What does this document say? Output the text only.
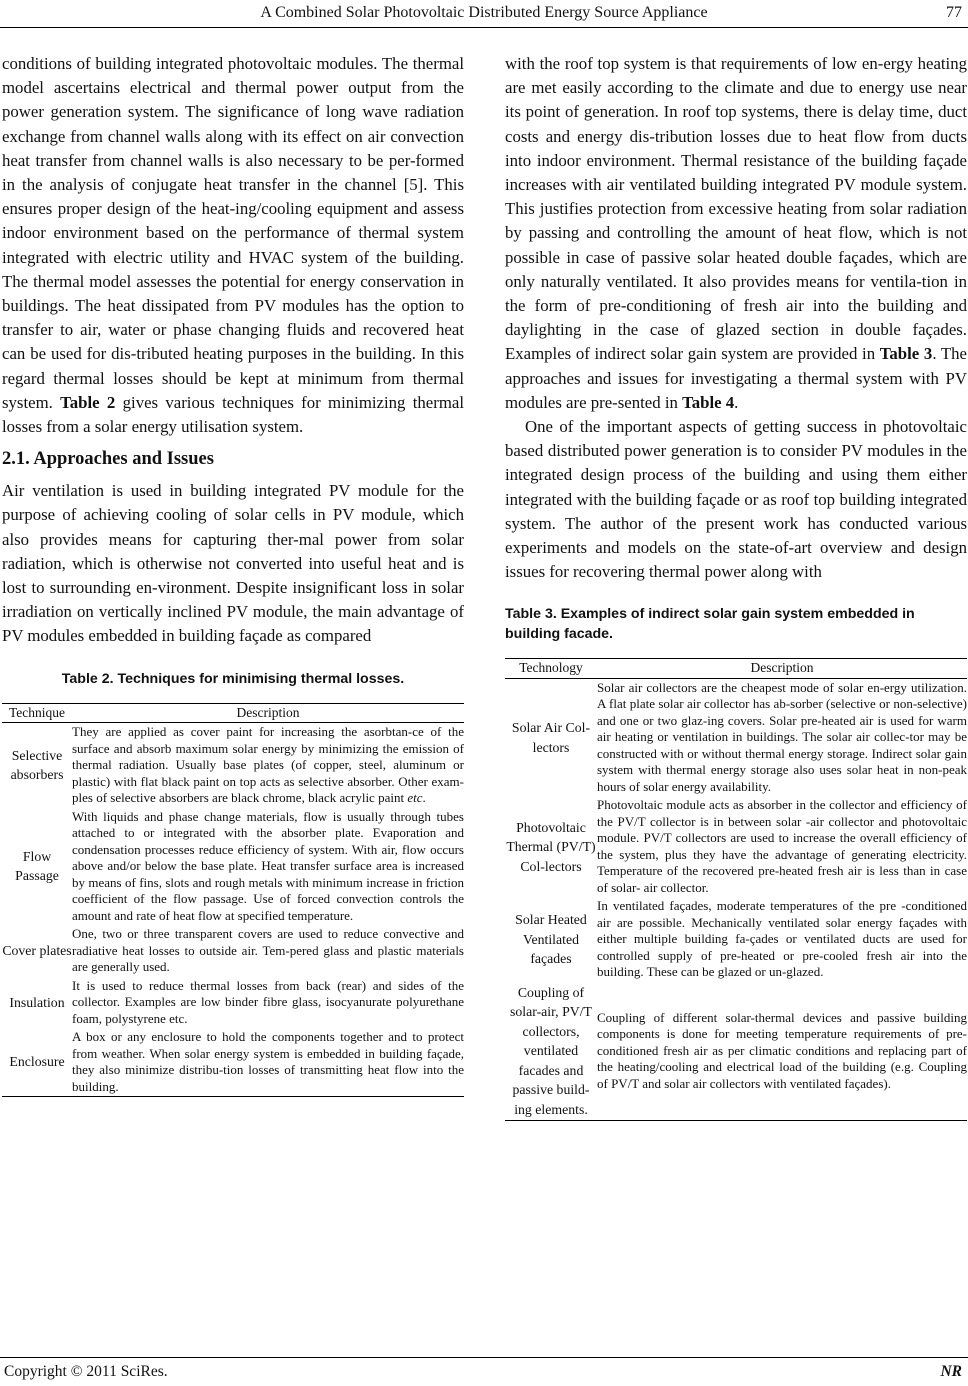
A Combined Solar Photovoltaic Distributed Energy Source Appliance	77

conditions of building integrated photovoltaic modules. The thermal model ascertains electrical and thermal power output from the power generation system. The significance of long wave radiation exchange from channel walls along with its effect on air convection heat transfer from channel walls is also necessary to be per-formed in the analysis of conjugate heat transfer in the channel [5]. This ensures proper design of the heat-ing/cooling equipment and assess indoor environment based on the performance of thermal system integrated with electric utility and HVAC system of the building. The thermal model assesses the potential for energy conservation in buildings. The heat dissipated from PV modules has the option to transfer to air, water or phase changing fluids and recovered heat can be used for dis-tributed heating purposes in the building. In this regard thermal losses should be kept at minimum from thermal system. Table 2 gives various techniques for minimizing thermal losses from a solar energy utilisation system.

2.1. Approaches and Issues

Air ventilation is used in building integrated PV module for the purpose of achieving cooling of solar cells in PV module, which also provides means for capturing ther-mal power from solar radiation, which is otherwise not converted into useful heat and is lost to surrounding en-vironment. Despite insignificant loss in solar irradiation on vertically inclined PV module, the main advantage of PV modules embedded in building façade as compared

Table 2. Techniques for minimising thermal losses.
Technique	Description
Selective absorbers	They are applied as cover paint for increasing the asorbtan-ce of the surface and absorb maximum solar energy by minimizing the emission of thermal radiation. Usually base plates (of copper, steel, aluminum or plastic) with flat black paint on top acts as selective absorber. Other exam-ples of selective absorbers are black chrome, black acrylic paint etc.
Flow Passage	With liquids and phase change materials, flow is usually through tubes attached to or integrated with the absorber plate. Evaporation and condensation processes reduce efficiency of system. With air, flow occurs above and/or below the base plate. Heat transfer surface area is increased by means of fins, slots and rough metals with minimum increase in friction coefficient of the flow passage. Use of forced convection controls the amount and rate of heat flow at specified temperature.
Cover plates	One, two or three transparent covers are used to reduce convective and radiative heat losses to outside air. Tem-pered glass and plastic materials are generally used.
Insulation	It is used to reduce thermal losses from back (rear) and sides of the collector. Examples are low binder fibre glass, isocyanurate polyurethane foam, polystyrene etc.
Enclosure	A box or any enclosure to hold the components together and to protect from weather. When solar energy system is embedded in building façade, they also minimize distribu-tion losses of transmitting heat flow into the building.

with the roof top system is that requirements of low en-ergy heating are met easily according to the climate and due to energy use near its point of generation. In roof top systems, there is delay time, duct costs and energy dis-tribution losses due to heat flow from ducts into indoor environment. Thermal resistance of the building façade increases with air ventilated building integrated PV module system. This justifies protection from excessive heating from solar radiation by passing and controlling the amount of heat flow, which is not possible in case of passive solar heated double façades, which are only naturally ventilated. It also provides means for ventila-tion in the form of pre-conditioning of fresh air into the building and daylighting in the case of glazed section in double façades. Examples of indirect solar gain system are provided in Table 3. The approaches and issues for investigating a thermal system with PV modules are pre-sented in Table 4.

One of the important aspects of getting success in photovoltaic based distributed power generation is to consider PV modules in the integrated design process of the building and using them either integrated with the building façade or as roof top building integrated system. The author of the present work has conducted various experiments and models on the state-of-art overview and design issues for recovering thermal power along with

Table 3. Examples of indirect solar gain system embedded in building facade.
Technology	Description
Solar Air Col-lectors	Solar air collectors are the cheapest mode of solar en-ergy utilization. A flat plate solar air collector has ab-sorber (selective or non-selective) and one or two glaz-ing covers. Solar pre-heated air is used for warm air heating or ventilation in buildings. The solar air collec-tor may be constructed with or without thermal energy storage. Indirect solar gain system with thermal energy storage also uses solar heat in non-peak hours of solar energy availability.
Photovoltaic Thermal (PV/T) Col-lectors	Photovoltaic module acts as absorber in the collector and efficiency of the PV/T collector is in between solar -air collector and photovoltaic module. PV/T collectors are used to increase the overall efficiency of the system, plus they have the advantage of generating electricity. Temperature of the recovered pre-heated fresh air is less than in case of solar- air collector.
Solar Heated Ventilated façades	In ventilated façades, moderate temperatures of the pre -conditioned air are possible. Mechanically ventilated solar energy façades with either multiple building fa-çades or ventilated ducts are used for controlled supply of pre-heated or pre-cooled fresh air into the building. These can be glazed or un-glazed.
Coupling of solar-air, PV/T collectors, ventilated facades and passive build-ing elements.	Coupling of different solar-thermal devices and passive building components is done for meeting temperature requirements of pre-conditioned fresh air as per climatic conditions and replacing part of the heating/cooling and electrical load of the building (e.g. Coupling of PV/T and solar air collectors with ventilated façades).
Copyright © 2011 SciRes.	NR
